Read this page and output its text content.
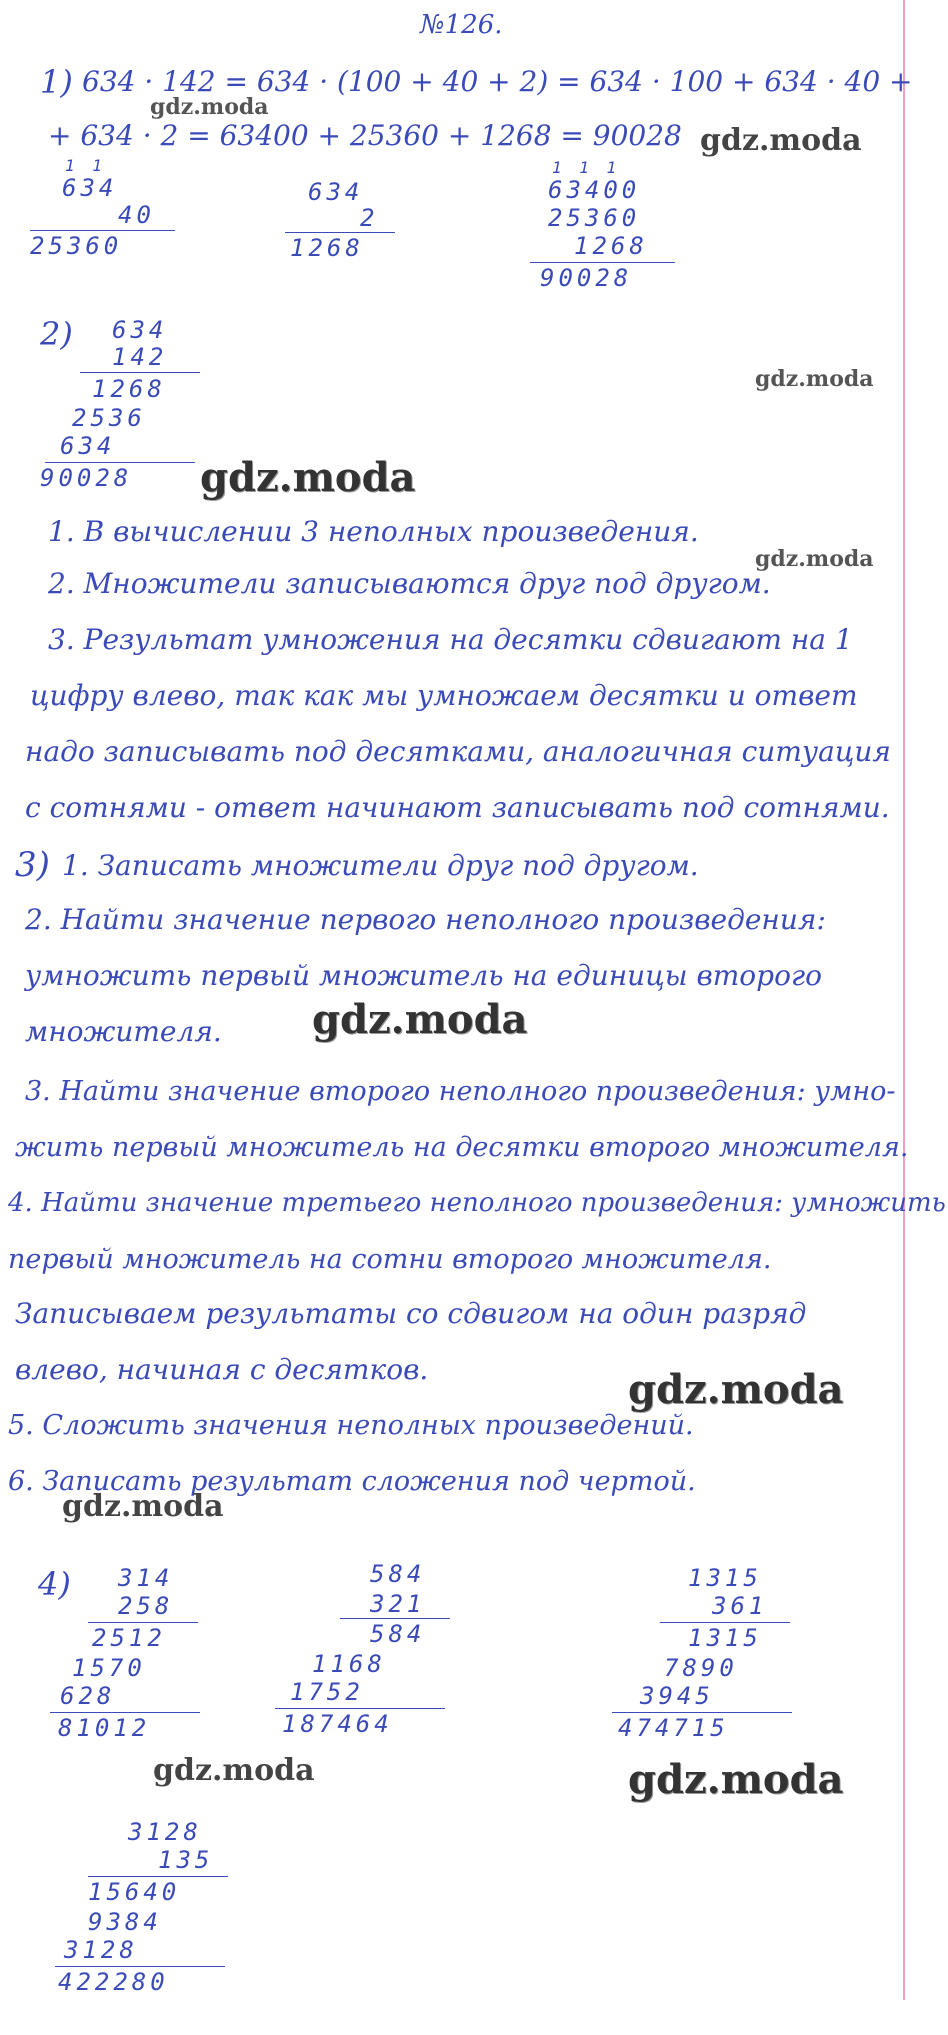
№126.
1) 634 · 142 = 634 · (100 + 40 + 2) = 634 · 100 + 634 · 40 +
+ 634 · 2 = 63400 + 25360 + 1268 = 90028
1 1
634
40
25360
634
2
1268
1 1 1
63400
25360
1268
90028
2) 634
142
1268
2536
634
90028
1. В вычислении 3 неполных произведения.
2. Множители записываются друг под другом.
3. Результат умножения на десятки сдвигают на 1
цифру влево, так как мы умножаем десятки и ответ
надо записывать под десятками, аналогичная ситуация
с сотнями - ответ начинают записывать под сотнями.
3) 1. Записать множители друг под другом.
2. Найти значение первого неполного произведения:
умножить первый множитель на единицы второго
множителя.
3. Найти значение второго неполного произведения: умно-
жить первый множитель на десятки второго множителя.
4. Найти значение третьего неполного произведения: умножить
первый множитель на сотни второго множителя.
Записываем результаты со сдвигом на один разряд
влево, начиная с десятков.
5. Сложить значения неполных произведений.
6. Записать результат сложения под чертой.
4) 314
258
2512
1570
628
81012
584
321
584
1168
1752
187464
1315
361
1315
7890
3945
474715
3128
135
15640
9384
3128
422280
gdz.moda
gdz.moda
gdz.moda
gdz.moda
gdz.moda
gdz.moda
gdz.moda
gdz.moda
gdz.moda	gdz.moda
